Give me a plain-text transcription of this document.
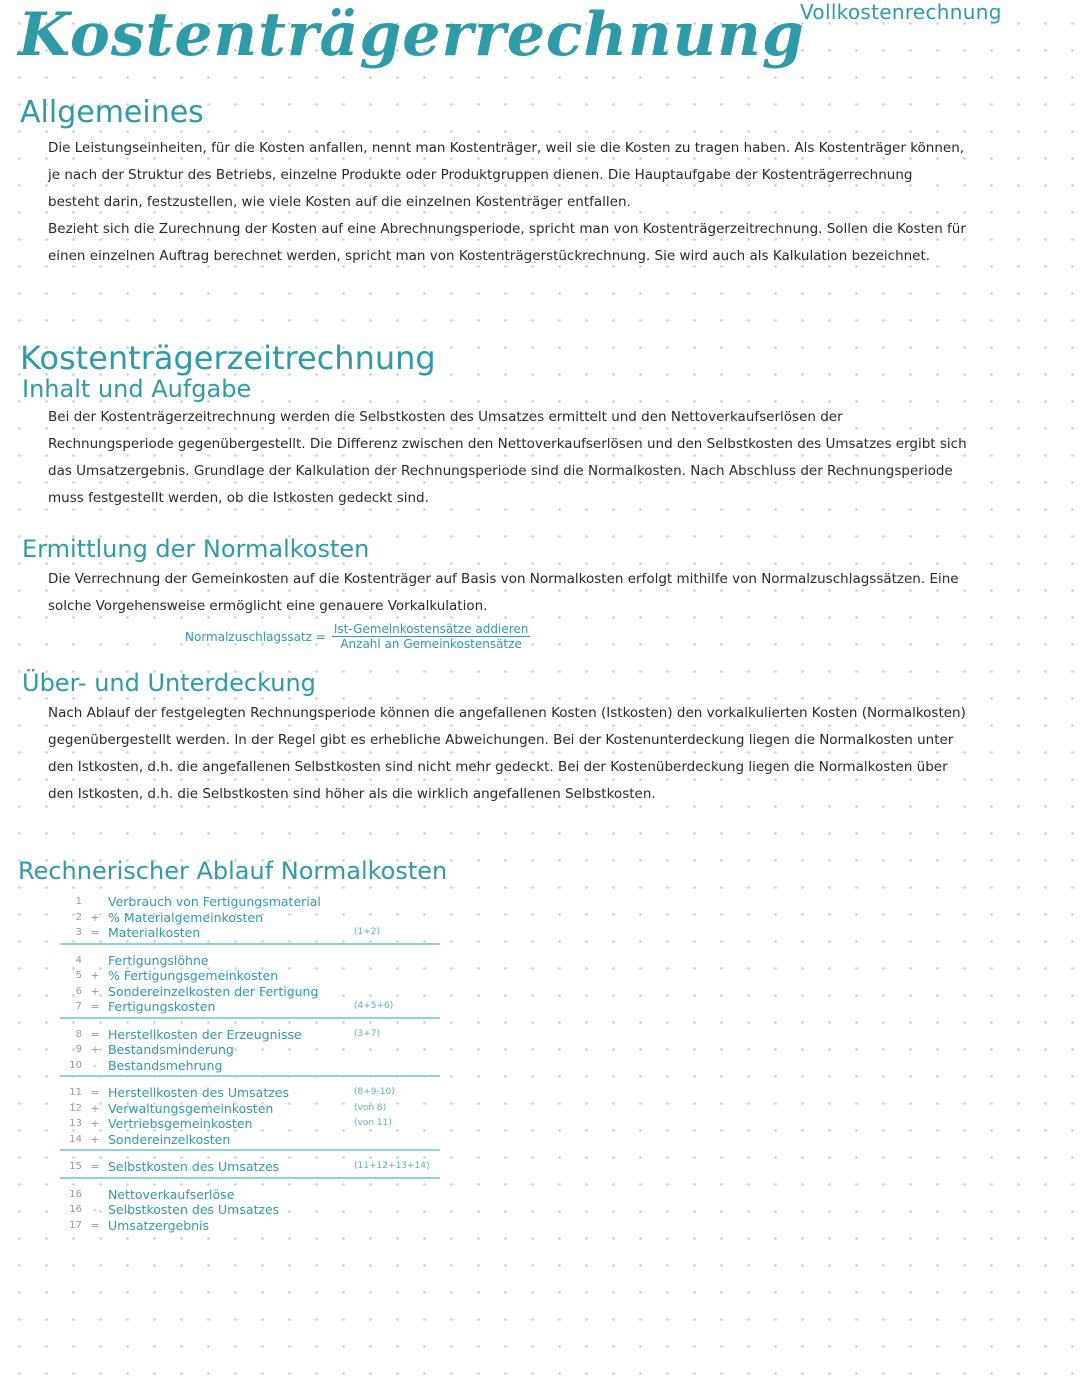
Vollkostenrechnung
Kostenträgerrechnung
Allgemeines

Die Leistungseinheiten, für die Kosten anfallen, nennt man Kostenträger, weil sie die Kosten zu tragen haben. Als Kostenträger können, je nach der Struktur des Betriebs, einzelne Produkte oder Produktgruppen dienen. Die Hauptaufgabe der Kostenträgerrechnung besteht darin, festzustellen, wie viele Kosten auf die einzelnen Kostenträger entfallen.

Bezieht sich die Zurechnung der Kosten auf eine Abrechnungsperiode, spricht man von Kostenträgerzeitrechnung. Sollen die Kosten für einen einzelnen Auftrag berechnet werden, spricht man von Kostenträgerstückrechnung. Sie wird auch als Kalkulation bezeichnet.

Kostenträgerzeitrechnung
Inhalt und Aufgabe

Bei der Kostenträgerzeitrechnung werden die Selbstkosten des Umsatzes ermittelt und den Nettoverkaufserlösen der Rechnungsperiode gegenübergestellt. Die Differenz zwischen den Nettoverkaufserlösen und den Selbstkosten des Umsatzes ergibt sich das Umsatzergebnis. Grundlage der Kalkulation der Rechnungsperiode sind die Normalkosten. Nach Abschluss der Rechnungsperiode muss festgestellt werden, ob die Istkosten gedeckt sind.

Ermittlung der Normalkosten

Die Verrechnung der Gemeinkosten auf die Kostenträger auf Basis von Normalkosten erfolgt mithilfe von Normalzuschlagssätzen. Eine solche Vorgehensweise ermöglicht eine genauere Vorkalkulation.

Normalzuschlagssatz = $\frac{\text{Ist-Gemeinkostensätze addieren}}{\text{Anzahl an Gemeinkostensätze}}$
Über- und Unterdeckung

Nach Ablauf der festgelegten Rechnungsperiode können die angefallenen Kosten (Istkosten) den vorkalkulierten Kosten (Normalkosten) gegenübergestellt werden. In der Regel gibt es erhebliche Abweichungen. Bei der Kostenunterdeckung liegen die Normalkosten unter den Istkosten, d.h. die angefallenen Selbstkosten sind nicht mehr gedeckt. Bei der Kostenüberdeckung liegen die Normalkosten über den Istkosten, d.h. die Selbstkosten sind höher als die wirklich angefallenen Selbstkosten.

Rechnerischer Ablauf Normalkosten
1 Verbrauch von Fertigungsmaterial
2 + % Materialgemeinkosten
3 = Materialkosten	(1+2)
4 Fertigungslöhne
5 + % Fertigungsgemeinkosten
6 + Sondereinzelkosten der Fertigung
7 = Fertigungskosten	(4+5+6)
8 = Herstellkosten der Erzeugnisse	(3+7)
9 + Bestandsminderung
10	- Bestandsmehrung
11 = Herstellkosten des Umsatzes	(8+9-10)
12 + Verwaltungsgemeinkosten	(von 8)
13 + Vertriebsgemeinkosten	(von 11)
14 + Sondereinzelkosten
15 = Selbstkosten des Umsatzes	(11+12+13+14)
16 Nettoverkaufserlöse
16	- Selbstkosten des Umsatzes
17 = Umsatzergebnis
